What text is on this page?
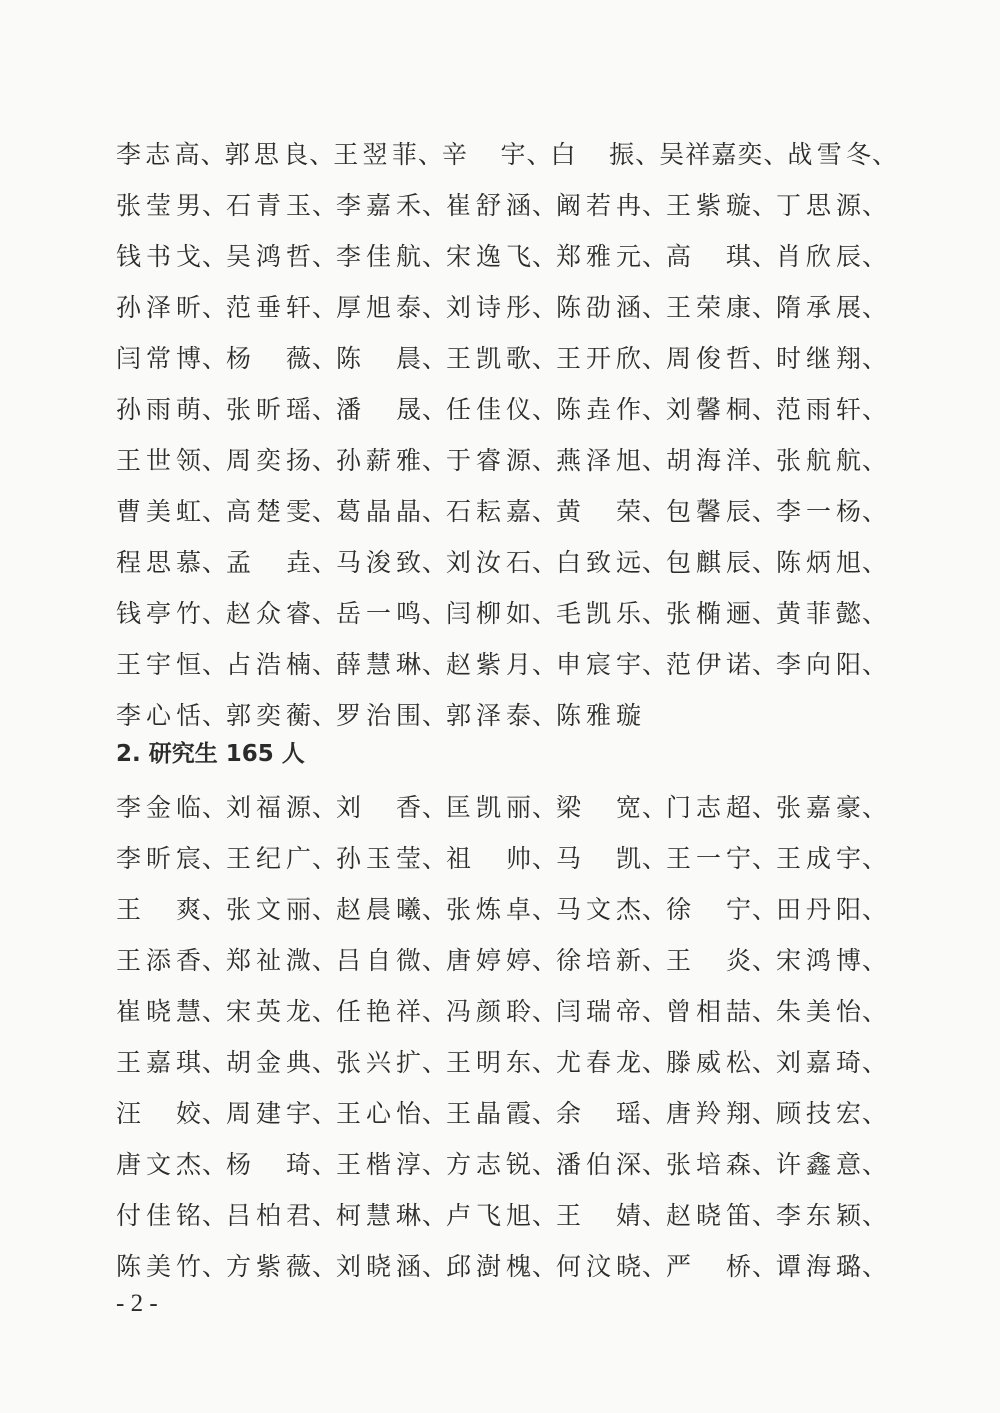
李志高 、
郭思良 、
王翌菲 、
辛　宇 、
白　振 、
吴祥嘉奕 、
战雪冬 、
张莹男 、
石青玉 、
李嘉禾 、
崔舒涵 、
阚若冉 、
王紫璇 、
丁思源 、
钱书戈 、
吴鸿哲 、
李佳航 、
宋逸飞 、
郑雅元 、
高　琪 、
肖欣辰 、
孙泽昕 、
范垂轩 、
厚旭泰 、
刘诗彤 、
陈劭涵 、
王荣康 、
隋承展 、
闫常博 、
杨　薇 、
陈　晨 、
王凯歌 、
王开欣 、
周俊哲 、
时继翔 、
孙雨萌 、
张昕瑶 、
潘　晟 、
任佳仪 、
陈垚作 、
刘馨桐 、
范雨轩 、
王世领 、
周奕扬 、
孙薪雅 、
于睿源 、
燕泽旭 、
胡海洋 、
张航航 、
曹美虹 、
高楚雯 、
葛晶晶 、
石耘嘉 、
黄　荣 、
包馨辰 、
李一杨 、
程思慕 、
孟　垚 、
马浚致 、
刘汝石 、
白致远 、
包麒辰 、
陈炳旭 、
钱亭竹 、
赵众睿 、
岳一鸣 、
闫柳如 、
毛凯乐 、
张椭逦 、
黄菲懿 、
王宇恒 、
占浩楠 、
薛慧琳 、
赵紫月 、
申宸宇 、
范伊诺 、
李向阳 、
李心恬 、
郭奕蘅 、
罗治围 、
郭泽泰 、
陈雅璇
2. 研究生 165 人
李金临 、
刘福源 、
刘　香 、
匡凯丽 、
梁　宽 、
门志超 、
张嘉豪 、
李昕宸 、
王纪广 、
孙玉莹 、
祖　帅 、
马　凯 、
王一宁 、
王成宇 、
王　爽 、
张文丽 、
赵晨曦 、
张炼卓 、
马文杰 、
徐　宁 、
田丹阳 、
王添香 、
郑祉溦 、
吕自微 、
唐婷婷 、
徐培新 、
王　炎 、
宋鸿博 、
崔晓慧 、
宋英龙 、
任艳祥 、
冯颜聆 、
闫瑞帝 、
曾相喆 、
朱美怡 、
王嘉琪 、
胡金典 、
张兴扩 、
王明东 、
尤春龙 、
滕威松 、
刘嘉琦 、
汪　姣 、
周建宇 、
王心怡 、
王晶霞 、
余　瑶 、
唐羚翔 、
顾技宏 、
唐文杰 、
杨　琦 、
王楷淳 、
方志锐 、
潘伯深 、
张培森 、
许鑫意 、
付佳铭 、
吕柏君 、
柯慧琳 、
卢飞旭 、
王　婧 、
赵晓笛 、
李东颖 、
陈美竹 、
方紫薇 、
刘晓涵 、
邱澍槐 、
何汶晓 、
严　桥 、
谭海璐 、
- 2 -
